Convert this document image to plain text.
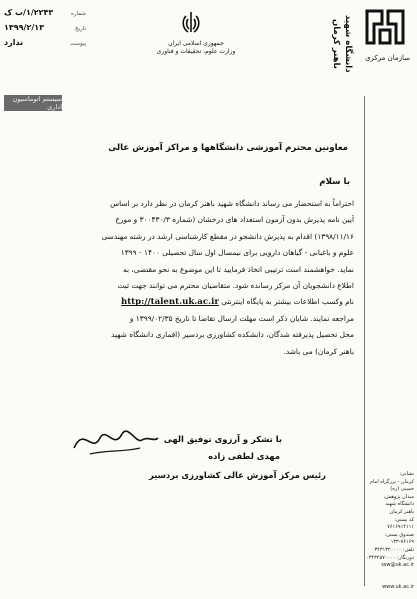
دانشگاه شهید باهنر کرمان	سازمان مرکزی
جمهوری اسلامی ایران
وزارت علوم، تحقیقات و فناوری
شماره
۱/۲۲۴۳/ب ک
تاریخ
۱۳۹۹/۲/۱۳
پیوست
ندارد
سیستم اتوماسیون اداری
معاونین محترم آموزشی دانشگاهها و مراکز آموزش عالی
با سلام
احتراماً به استحضار می رساند دانشگاه شهید باهنر کرمان در نظر دارد بر اساس
آیین نامه پذیرش بدون آزمون استعداد های درخشان (شماره ۳۰۰۴۳۰/۳ و مورخ
۱۳۹۸/۱۱/۱۶) اقدام به پذیرش دانشجو در مقطع کارشناسی ارشد در رشته مهندسی
علوم و باغبانی - گیاهان دارویی برای نیمسال اول سال تحصیلی ۱۴۰۰ - ۱۳۹۹
نماید. خواهشمند است ترتیبی اتخاذ فرمایید تا این موضوع به نحو مقتضی، به
اطلاع دانشجویان آن مرکز رسانده شود. متقاضیان محترم می توانند جهت ثبت
نام وکسب اطلاعات بیشتر به پایگاه اینترنتی http://talent.uk.ac.ir
مراجعه نمایند. شایان ذکر است مهلت ارسال تقاضا تا تاریخ ۱۳۹۹/۰۲/۳۵ و
محل تحصیل پذیرفته شدگان، دانشکده کشاورزی بردسیر (اقماری دانشگاه شهید
باهنر کرمان) می باشد.
با تشکر و آرزوی توفیق الهی
مهدی لطفی زاده
رئیس مرکز آموزش عالی کشاورزی بردسیر	نشانی:
کرمان - بزرگراه امام خمینی (ره)
میدان پژوهش، دانشگاه شهید
باهنر کرمان
کد پستی: ۷۶۱۶۹۱۴۱۱۱
صندوق پستی: ۷۶۱۶۹-۱۳۳
تلفن: ۰۳۴۳۱۳۲۰۰۰۰
دورنگار: ۰۳۴۳۲۵۷۰۰۰۰
ssw@uk.ac.ir
www.uk.ac.ir
